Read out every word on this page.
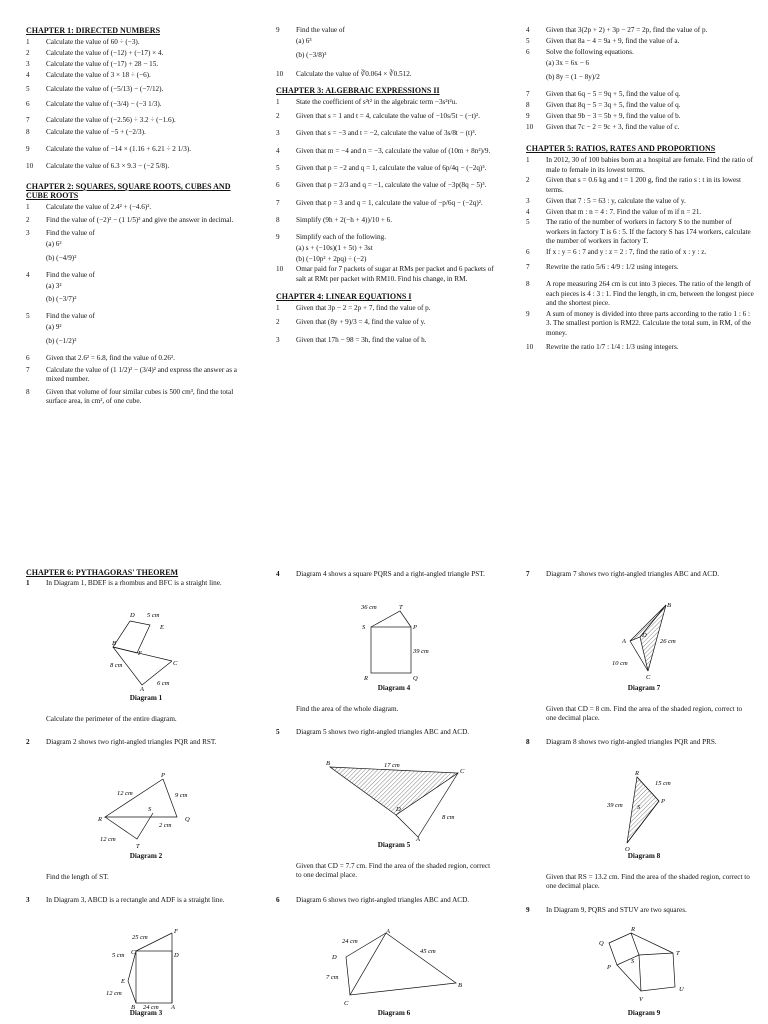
CHAPTER 1: DIRECTED NUMBERS
1	Calculate the value of 60 ÷ (−3).
2	Calculate the value of (−12) + (−17) × 4.
3	Calculate the value of (−17) + 28 − 15.
4	Calculate the value of 3 × 18 ÷ (−6).
5	Calculate the value of (−5/13) − (−7/12).
6	Calculate the value of (−3/4) − (−3 1/3).
7	Calculate the value of (−2.56) ÷ 3.2 ÷ (−1.6).
8	Calculate the value of −5 + (−2/3).
9	Calculate the value of −14 × (1.16 + 6.21 ÷ 2 1/3).
10	Calculate the value of 6.3 × 9.3 − (−2 5/8).
CHAPTER 2: SQUARES, SQUARE ROOTS, CUBES AND CUBE ROOTS
1	Calculate the value of 2.4² + (−4.6)².
2	Find the value of (−2)² − (1 1/5)² and give the answer in decimal.
3	Find the value of
(a) 6²
(b) (−4/9)²
4	Find the value of
(a) 3²
(b) (−3/7)²
5	Find the value of
(a) 9²
(b) (−1/2)²
6	Given that 2.6² = 6.8, find the value of 0.26².
7	Calculate the value of (1 1/2)² − (3/4)² and express the answer as a mixed number.
8	Given that volume of four similar cubes is 500 cm³, find the total surface area, in cm², of one cube.
9	Find the value of
(a) 6³
(b) (−3/8)³
10	Calculate the value of ∛0.064 × ∛0.512.
CHAPTER 3: ALGEBRAIC EXPRESSIONS II
1	State the coefficient of s²t² in the algebraic term −3s²t²u.
2	Given that s = 1 and t = 4, calculate the value of −10s/5t − (−t)².
3	Given that s = −3 and t = −2, calculate the value of 3s/8t − (t)³.
4	Given that m = −4 and n = −3, calculate the value of (10m + 8n²)/9.
5	Given that p = −2 and q = 1, calculate the value of 6p/4q − (−2q)³.
6	Given that p = 2/3 and q = −1, calculate the value of −3p(8q − 5)³.
7	Given that p = 3 and q = 1, calculate the value of −p/6q − (−2q)².
8	Simplify (9h + 2(−h + 4))/10 + 6.
9	Simplify each of the following.
(a) s + (−10s)(1 + 5t) + 3st
(b) (−10p² + 2pq) ÷ (−2)
10	Omar paid for 7 packets of sugar at RMs per packet and 6 packets of salt at RMt per packet with RM10. Find his change, in RM.
CHAPTER 4: LINEAR EQUATIONS I
1	Given that 3p − 2 = 2p + 7, find the value of p.
2	Given that (8y + 9)/3 = 4, find the value of y.
3	Given that 17h − 98 = 3h, find the value of h.
4	Given that 3(2p + 2) + 3p − 27 = 2p, find the value of p.
5	Given that 8a − 4 = 9a + 9, find the value of a.
6	Solve the following equations.
(a) 3x = 6x − 6
(b) 8y = (1 − 8y)/2
7	Given that 6q − 5 = 9q + 5, find the value of q.
8	Given that 8q − 5 = 3q + 5, find the value of q.
9	Given that 9b − 3 = 5b + 9, find the value of b.
10	Given that 7c − 2 = 9c + 3, find the value of c.
CHAPTER 5: RATIOS, RATES AND PROPORTIONS
1	In 2012, 30 of 100 babies born at a hospital are female. Find the ratio of male to female in its lowest terms.
2	Given that s = 0.6 kg and t = 1 200 g, find the ratio s : t in its lowest terms.
3	Given that 7 : 5 = 63 : y, calculate the value of y.
4	Given that m : n = 4 : 7. Find the value of m if n = 21.
5	The ratio of the number of workers in factory S to the number of workers in factory T is 6 : 5. If the factory S has 174 workers, calculate the number of workers in factory T.
6	If x : y = 6 : 7 and y : z = 2 : 7, find the ratio of x : y : z.
7	Rewrite the ratio 5/6 : 4/9 : 1/2 using integers.
8	A rope measuring 264 cm is cut into 3 pieces. The ratio of the length of each pieces is 4 : 3 : 1. Find the length, in cm, between the longest piece and the shortest piece.
9	A sum of money is divided into three parts according to the ratio 1 : 6 : 3. The smallest portion is RM22. Calculate the total sum, in RM, of the money.
10	Rewrite the ratio 1/7 : 1/4 : 1/3 using integers.
CHAPTER 6: PYTHAGORAS' THEOREM
1	In Diagram 1, BDEF is a rhombus and BFC is a straight line.
D 5 cm
E
B
F
8 cm	C
A
6 cm
Diagram 1
Calculate the perimeter of the entire diagram.
2	Diagram 2 shows two right-angled triangles PQR and RST.
P
12 cm	9 cm
R
S
Q
2 cm
12 cm
T
Diagram 2
Find the length of ST.
3	In Diagram 3, ABCD is a rectangle and ADF is a straight line.
25 cm
F
5 cm C	D
E
12 cm
B 24 cm A
Diagram 3
4	Diagram 4 shows a square PQRS and a right-angled triangle PST.
36 cm	T
S	P
39 cm
R	Q
Diagram 4
Find the area of the whole diagram.
5	Diagram 5 shows two right-angled triangles ABC and ACD.
B	17 cm
C
D
8 cm
A
Diagram 5
Given that CD = 7.7 cm. Find the area of the shaded region, correct to one decimal place.
6	Diagram 6 shows two right-angled triangles ABC and ACD.
24 cm
A
D
45 cm
7 cm
C
B
Diagram 6
7	Diagram 7 shows two right-angled triangles ABC and ACD.
B
A
D
26 cm
10 cm
C
Diagram 7
Given that CD = 8 cm. Find the area of the shaded region, correct to one decimal place.
8	Diagram 8 shows two right-angled triangles PQR and PRS.
R
15 cm
39 cm
P
S
Q
Diagram 8
Given that RS = 13.2 cm. Find the area of the shaded region, correct to one decimal place.
9	In Diagram 9, PQRS and STUV are two squares.
Q
R
T
P
S
U
V
Diagram 9
